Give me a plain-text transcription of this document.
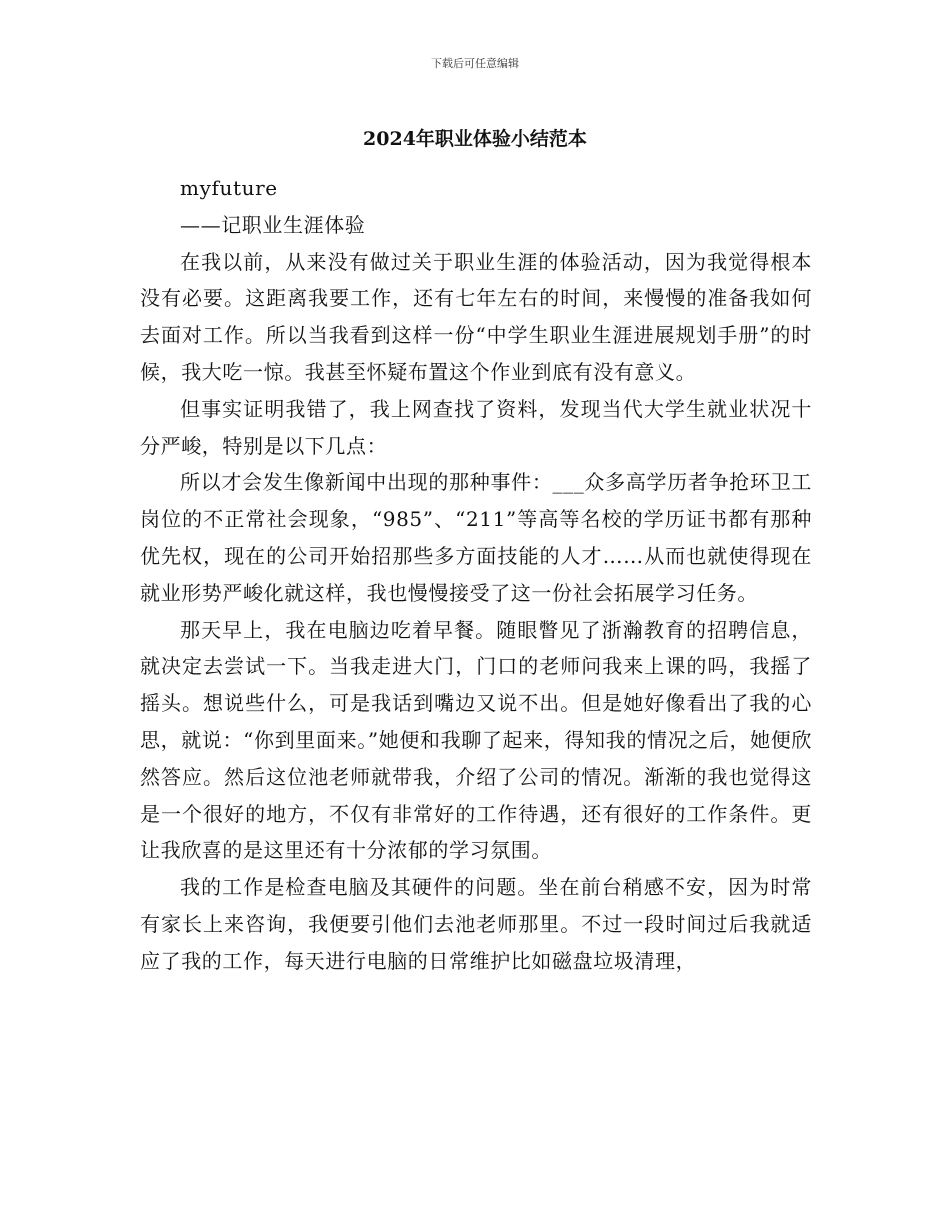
下载后可任意编辑
2024年职业体验小结范本

myfuture

——记职业生涯体验

在我以前，从来没有做过关于职业生涯的体验活动，因为我觉得根本没有必要。这距离我要工作，还有七年左右的时间，来慢慢的准备我如何去面对工作。所以当我看到这样一份“中学生职业生涯进展规划手册”的时候，我大吃一惊。我甚至怀疑布置这个作业到底有没有意义。

但事实证明我错了，我上网查找了资料，发现当代大学生就业状况十分严峻，特别是以下几点：

所以才会发生像新闻中出现的那种事件：___众多高学历者争抢环卫工岗位的不正常社会现象，“985”、“211”等高等名校的学历证书都有那种优先权，现在的公司开始招那些多方面技能的人才……从而也就使得现在就业形势严峻化就这样，我也慢慢接受了这一份社会拓展学习任务。

那天早上，我在电脑边吃着早餐。随眼瞥见了浙瀚教育的招聘信息，就决定去尝试一下。当我走进大门，门口的老师问我来上课的吗，我摇了摇头。想说些什么，可是我话到嘴边又说不出。但是她好像看出了我的心思，就说：“你到里面来。”她便和我聊了起来，得知我的情况之后，她便欣然答应。然后这位池老师就带我，介绍了公司的情况。渐渐的我也觉得这是一个很好的地方，不仅有非常好的工作待遇，还有很好的工作条件。更让我欣喜的是这里还有十分浓郁的学习氛围。

我的工作是检查电脑及其硬件的问题。坐在前台稍感不安，因为时常有家长上来咨询，我便要引他们去池老师那里。不过一段时间过后我就适应了我的工作，每天进行电脑的日常维护比如磁盘垃圾清理，
